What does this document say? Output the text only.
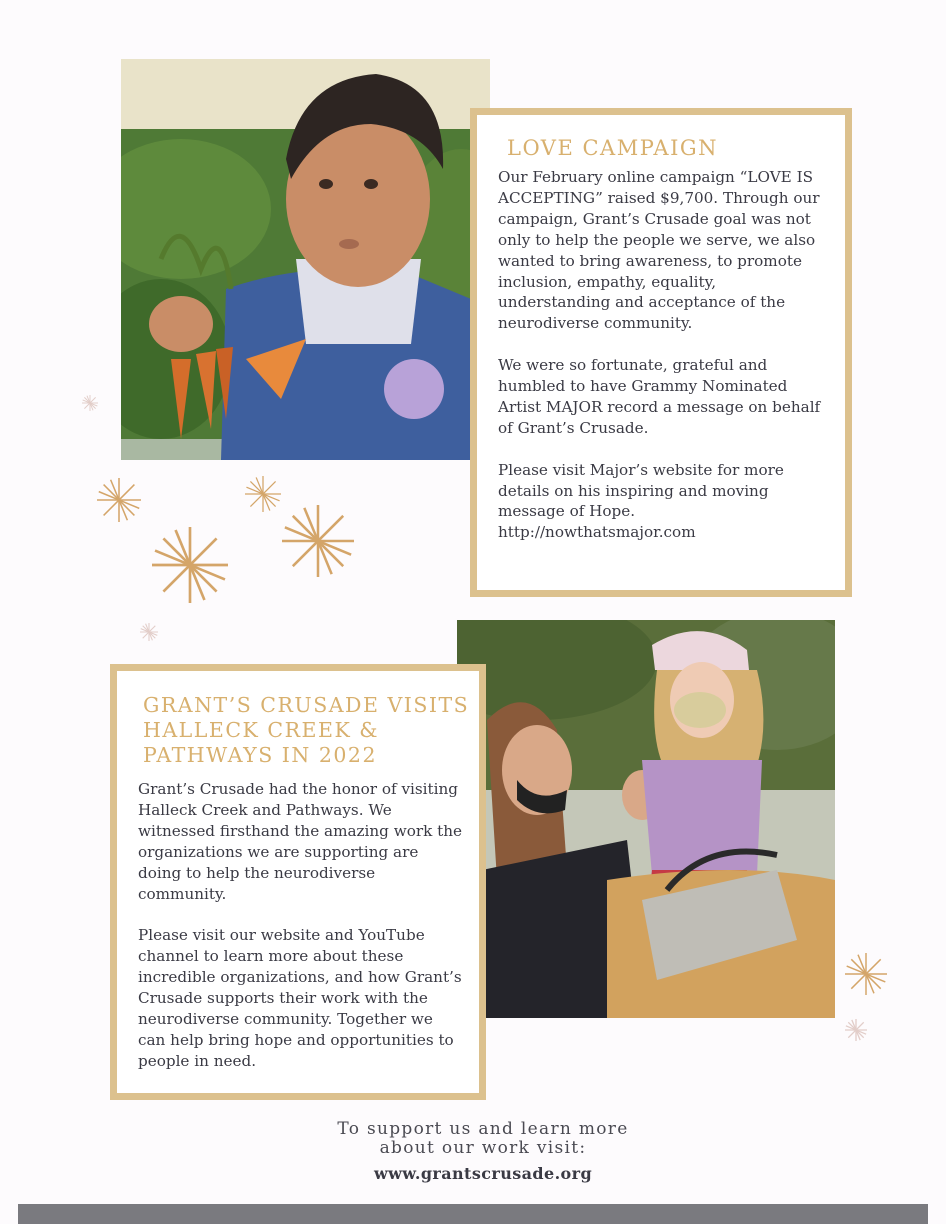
LOVE CAMPAIGN

Our February online campaign “LOVE IS ACCEPTING” raised $9,700. Through our campaign, Grant’s Crusade goal was not only to help the people we serve, we also wanted to bring awareness, to promote inclusion, empathy, equality, understanding and acceptance of the neurodiverse community.

We were so fortunate, grateful and humbled to have Grammy Nominated Artist MAJOR record a message on behalf of Grant’s Crusade.

Please visit Major’s website for more details on his inspiring and moving message of Hope. http://nowthatsmajor.com

GRANT’S CRUSADE VISITS HALLECK CREEK & PATHWAYS IN 2022

Grant’s Crusade had the honor of visiting Halleck Creek and Pathways. We witnessed firsthand the amazing work the organizations we are supporting are doing to help the neurodiverse community.

Please visit our website and YouTube channel to learn more about these incredible organizations, and how Grant’s Crusade supports their work with the neurodiverse community. Together we can help bring hope and opportunities to people in need.

To support us and learn more
about our work visit:
www.grantscrusade.org
